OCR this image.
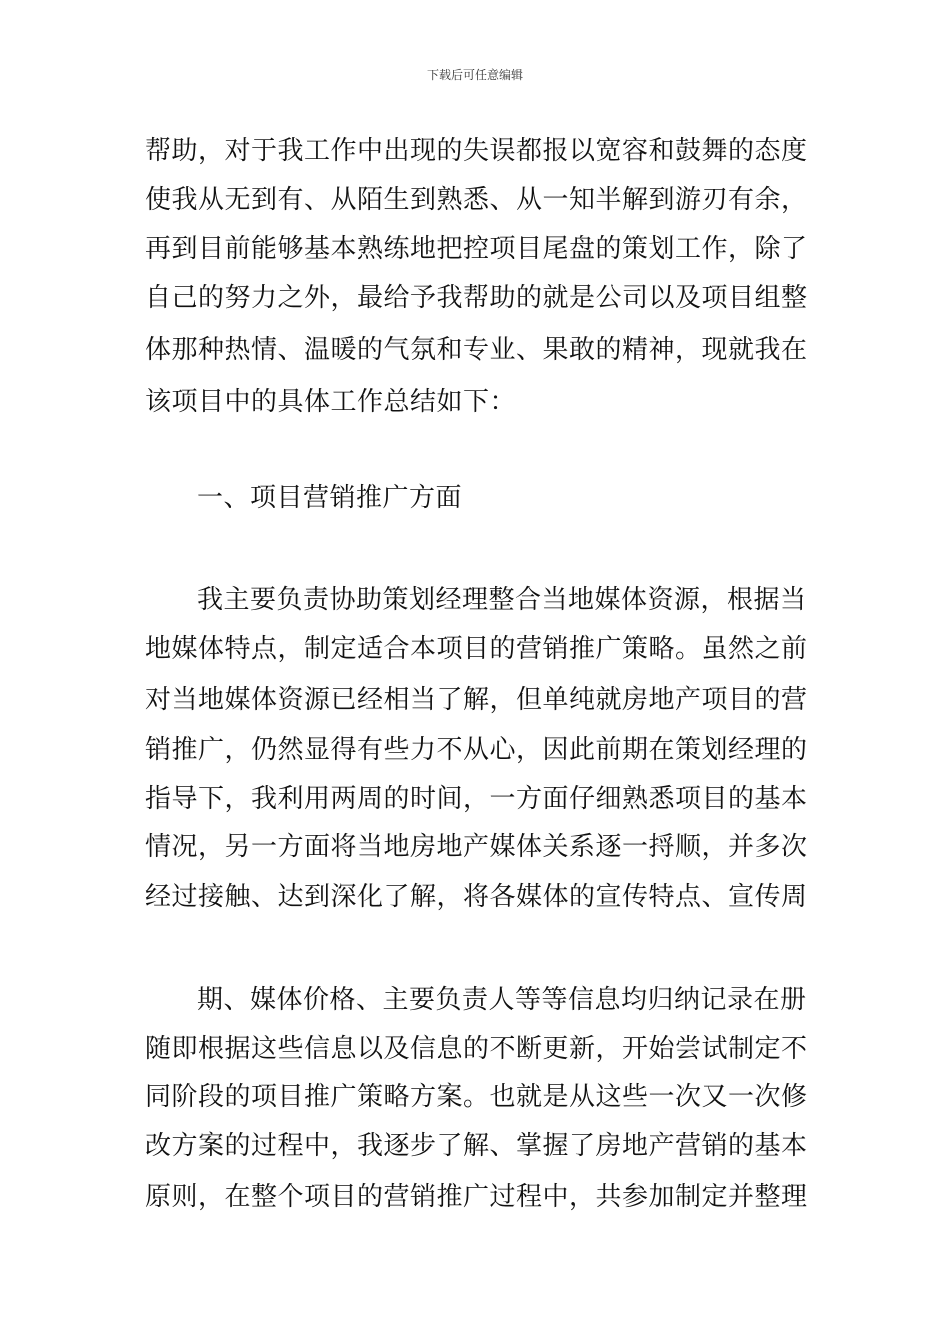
下载后可任意编辑
帮助，对于我工作中出现的失误都报以宽容和鼓舞的态度
使我从无到有、从陌生到熟悉、从一知半解到游刃有余，
再到目前能够基本熟练地把控项目尾盘的策划工作，除了
自己的努力之外，最给予我帮助的就是公司以及项目组整
体那种热情、温暖的气氛和专业、果敢的精神，现就我在
该项目中的具体工作总结如下：
一、项目营销推广方面
我主要负责协助策划经理整合当地媒体资源，根据当
地媒体特点，制定适合本项目的营销推广策略。虽然之前
对当地媒体资源已经相当了解，但单纯就房地产项目的营
销推广，仍然显得有些力不从心，因此前期在策划经理的
指导下，我利用两周的时间，一方面仔细熟悉项目的基本
情况，另一方面将当地房地产媒体关系逐一捋顺，并多次
经过接触、达到深化了解，将各媒体的宣传特点、宣传周
期、媒体价格、主要负责人等等信息均归纳记录在册
随即根据这些信息以及信息的不断更新，开始尝试制定不
同阶段的项目推广策略方案。也就是从这些一次又一次修
改方案的过程中，我逐步了解、掌握了房地产营销的基本
原则，在整个项目的营销推广过程中，共参加制定并整理
